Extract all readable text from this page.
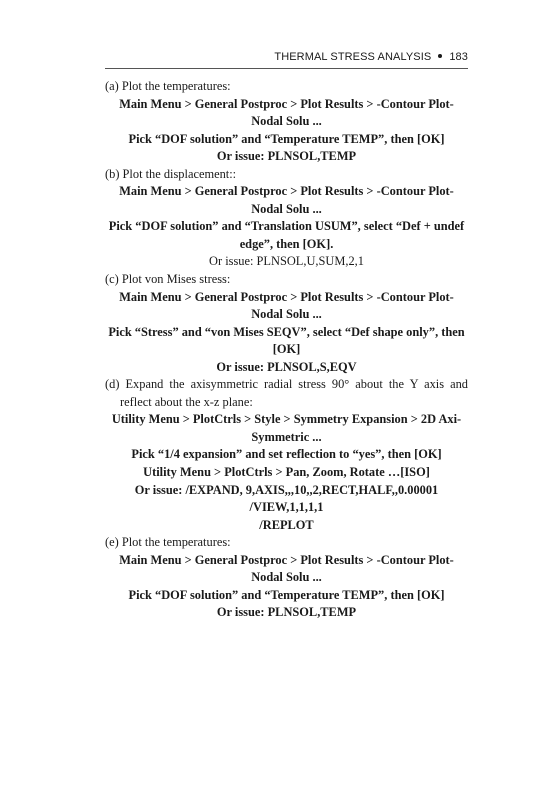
THERMAL STRESS ANALYSIS 183

(a) Plot the temperatures:

Main Menu > General Postproc > Plot Results > -Contour Plot- Nodal Solu ...

Pick “DOF solution” and “Temperature TEMP”, then [OK]

Or issue: PLNSOL,TEMP

(b) Plot the displacement::

Main Menu > General Postproc > Plot Results > -Contour Plot- Nodal Solu ...

Pick “DOF solution” and “Translation USUM”, select “Def + undef edge”, then [OK].

Or issue: PLNSOL,U,SUM,2,1

(c) Plot von Mises stress:

Main Menu > General Postproc > Plot Results > -Contour Plot- Nodal Solu ...

Pick “Stress” and “von Mises SEQV”, select “Def shape only”, then [OK]

Or issue: PLNSOL,S,EQV

(d) Expand the axisymmetric radial stress 90° about the Y axis and reflect about the x-z plane:

Utility Menu > PlotCtrls > Style > Symmetry Expansion > 2D Axi-Symmetric ...

Pick “1/4 expansion” and set reflection to “yes”, then [OK]

Utility Menu > PlotCtrls > Pan, Zoom, Rotate …[ISO]

Or issue: /EXPAND, 9,AXIS,,,10,,2,RECT,HALF,,0.00001

/VIEW,1,1,1,1

/REPLOT

(e) Plot the temperatures:

Main Menu > General Postproc > Plot Results > -Contour Plot- Nodal Solu ...

Pick “DOF solution” and “Temperature TEMP”, then [OK]

Or issue: PLNSOL,TEMP
